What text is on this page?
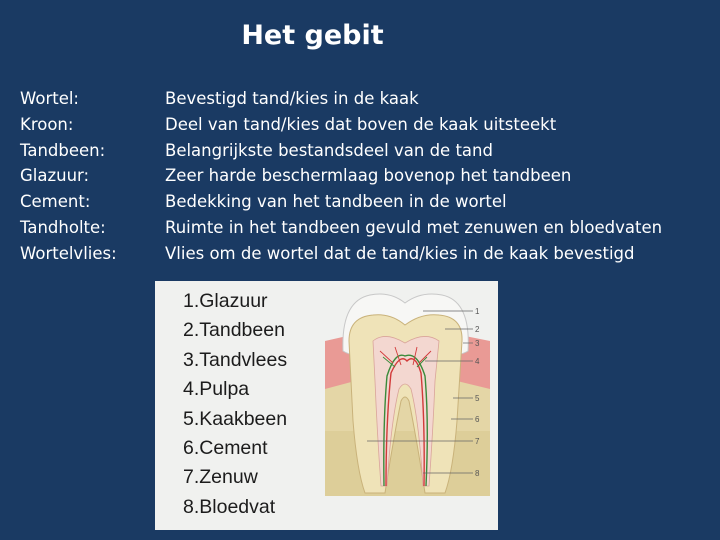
Het gebit
Wortel:	Bevestigd tand/kies in de kaak
Kroon:	Deel van tand/kies dat boven de kaak uitsteekt
Tandbeen:	Belangrijkste bestandsdeel van de tand
Glazuur:	Zeer harde beschermlaag bovenop het tandbeen
Cement:	Bedekking van het tandbeen in de wortel
Tandholte:	Ruimte in het tandbeen gevuld met zenuwen en bloedvaten
Wortelvlies:	Vlies om de wortel dat de tand/kies in de kaak bevestigd
1
2
3
4
5
6
7
8
1.Glazuur
2.Tandbeen
3.Tandvlees
4.Pulpa
5.Kaakbeen
6.Cement
7.Zenuw
8.Bloedvat
